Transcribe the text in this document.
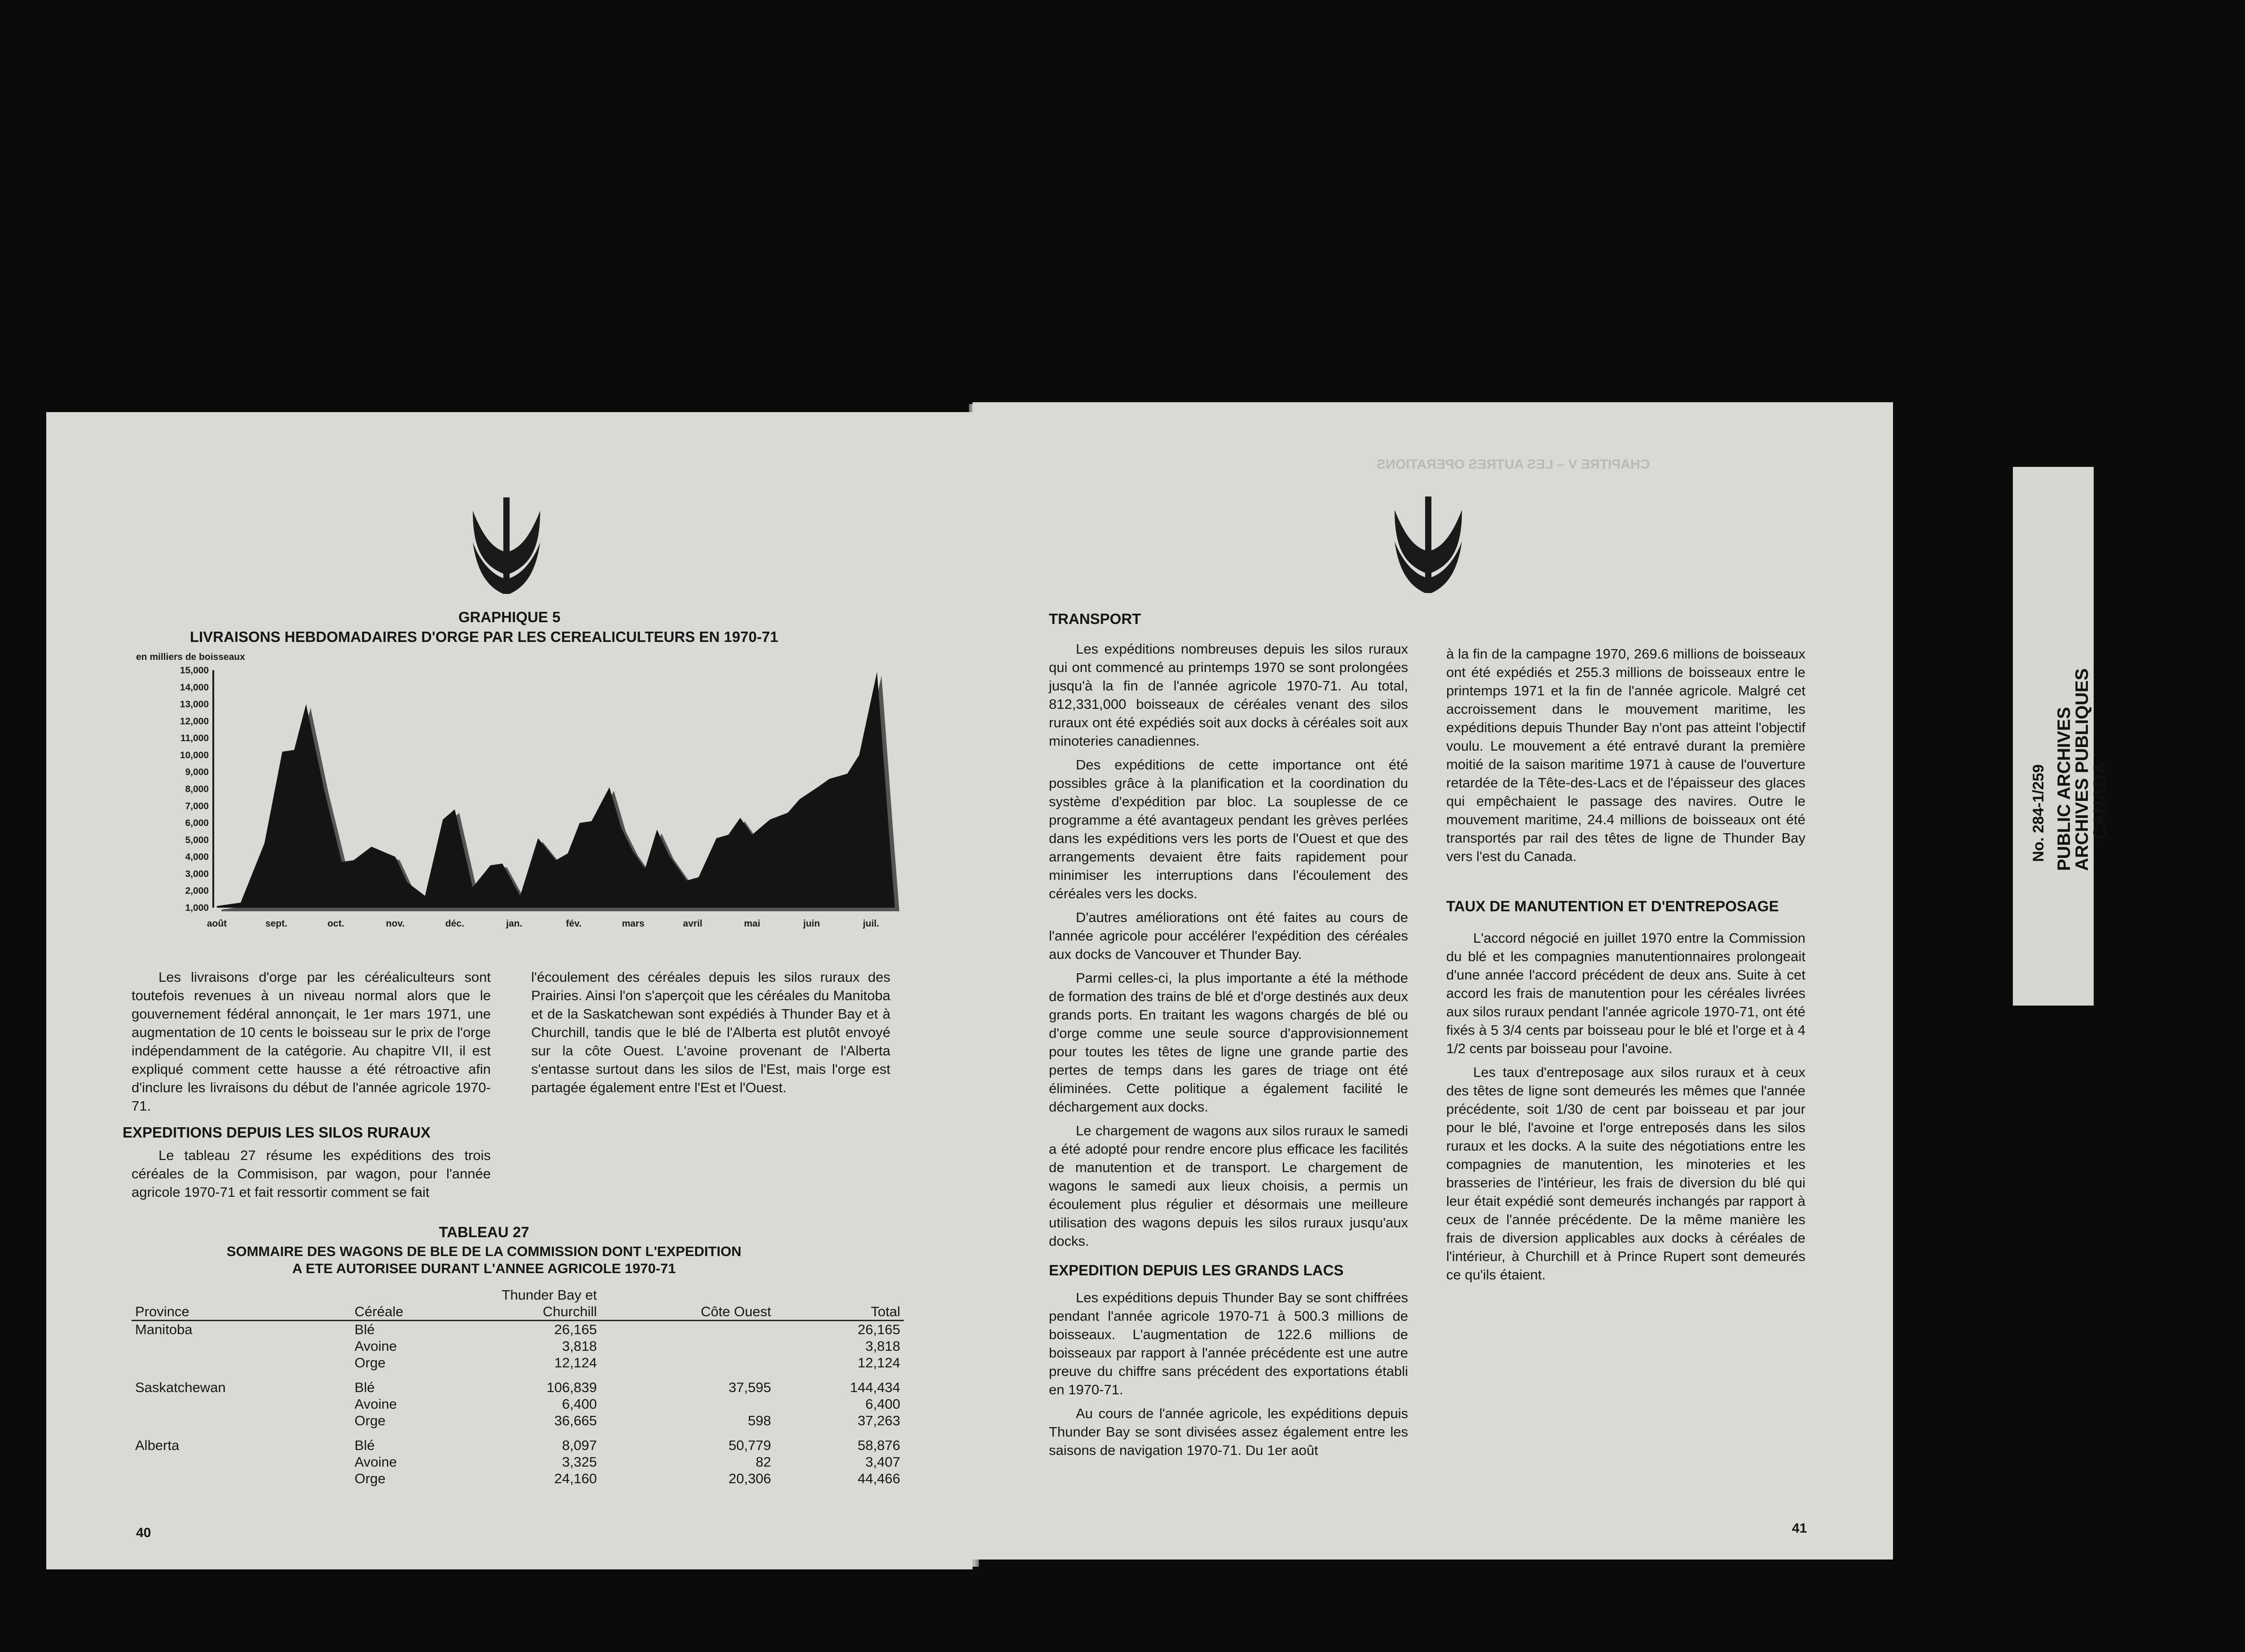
GRAPHIQUE 5
LIVRAISONS HEBDOMADAIRES D'ORGE PAR LES CEREALICULTEURS EN 1970-71
en milliers de boisseaux
15,000
14,000
13,000
12,000
11,000
10,000
9,000
8,000
7,000
6,000
5,000
4,000
3,000
2,000
1,000
août	sept.	oct.	nov.	déc.	jan.	fév.	mars	avril	mai	juin	juil.

Les livraisons d'orge par les céréaliculteurs sont toutefois revenues à un niveau normal alors que le gouvernement fédéral annonçait, le 1er mars 1971, une augmentation de 10 cents le boisseau sur le prix de l'orge indépendamment de la catégorie. Au chapitre VII, il est expliqué comment cette hausse a été rétroactive afin d'inclure les livraisons du début de l'année agricole 1970-71.

EXPEDITIONS DEPUIS LES SILOS RURAUX

Le tableau 27 résume les expéditions des trois céréales de la Commisison, par wagon, pour l'année agricole 1970-71 et fait ressortir comment se fait

l'écoulement des céréales depuis les silos ruraux des Prairies. Ainsi l'on s'aperçoit que les céréales du Manitoba et de la Saskatchewan sont expédiés à Thunder Bay et à Churchill, tandis que le blé de l'Alberta est plutôt envoyé sur la côte Ouest. L'avoine provenant de l'Alberta s'entasse surtout dans les silos de l'Est, mais l'orge est partagée également entre l'Est et l'Ouest.

TABLEAU 27
SOMMAIRE DES WAGONS DE BLE DE LA COMMISSION DONT L'EXPEDITION
A ETE AUTORISEE DURANT L'ANNEE AGRICOLE 1970-71
Province	Céréale	Thunder Bay et Churchill	Côte Ouest	Total
Manitoba	Blé	26,165		26,165
	Avoine	3,818		3,818
	Orge	12,124		12,124
Saskatchewan	Blé	106,839	37,595	144,434
	Avoine	6,400		6,400
	Orge	36,665	598	37,263
Alberta	Blé	8,097	50,779	58,876
	Avoine	3,325	82	3,407
	Orge	24,160	20,306	44,466
40
CHAPITRE V – LES AUTRES OPERATIONS
TRANSPORT

Les expéditions nombreuses depuis les silos ruraux qui ont commencé au printemps 1970 se sont prolongées jusqu'à la fin de l'année agricole 1970-71. Au total, 812,331,000 boisseaux de céréales venant des silos ruraux ont été expédiés soit aux docks à céréales soit aux minoteries canadiennes.

Des expéditions de cette importance ont été possibles grâce à la planification et la coordination du système d'expédition par bloc. La souplesse de ce programme a été avantageux pendant les grèves perlées dans les expéditions vers les ports de l'Ouest et que des arrangements devaient être faits rapidement pour minimiser les interruptions dans l'écoulement des céréales vers les docks.

D'autres améliorations ont été faites au cours de l'année agricole pour accélérer l'expédition des céréales aux docks de Vancouver et Thunder Bay.

Parmi celles-ci, la plus importante a été la méthode de formation des trains de blé et d'orge destinés aux deux grands ports. En traitant les wagons chargés de blé ou d'orge comme une seule source d'approvisionnement pour toutes les têtes de ligne une grande partie des pertes de temps dans les gares de triage ont été éliminées. Cette politique a également facilité le déchargement aux docks.

Le chargement de wagons aux silos ruraux le samedi a été adopté pour rendre encore plus efficace les facilités de manutention et de transport. Le chargement de wagons le samedi aux lieux choisis, a permis un écoulement plus régulier et désormais une meilleure utilisation des wagons depuis les silos ruraux jusqu'aux docks.

EXPEDITION DEPUIS LES GRANDS LACS

Les expéditions depuis Thunder Bay se sont chiffrées pendant l'année agricole 1970-71 à 500.3 millions de boisseaux. L'augmentation de 122.6 millions de boisseaux par rapport à l'année précédente est une autre preuve du chiffre sans précédent des exportations établi en 1970-71.

Au cours de l'année agricole, les expéditions depuis Thunder Bay se sont divisées assez également entre les saisons de navigation 1970-71. Du 1er août

à la fin de la campagne 1970, 269.6 millions de boisseaux ont été expédiés et 255.3 millions de boisseaux entre le printemps 1971 et la fin de l'année agricole. Malgré cet accroissement dans le mouvement maritime, les expéditions depuis Thunder Bay n'ont pas atteint l'objectif voulu. Le mouvement a été entravé durant la première moitié de la saison maritime 1971 à cause de l'ouverture retardée de la Tête-des-Lacs et de l'épaisseur des glaces qui empêchaient le passage des navires. Outre le mouvement maritime, 24.4 millions de boisseaux ont été transportés par rail des têtes de ligne de Thunder Bay vers l'est du Canada.

TAUX DE MANUTENTION ET D'ENTREPOSAGE

L'accord négocié en juillet 1970 entre la Commission du blé et les compagnies manutentionnaires prolongeait d'une année l'accord précédent de deux ans. Suite à cet accord les frais de manutention pour les céréales livrées aux silos ruraux pendant l'année agricole 1970-71, ont été fixés à 5 3/4 cents par boisseau pour le blé et l'orge et à 4 1/2 cents par boisseau pour l'avoine.

Les taux d'entreposage aux silos ruraux et à ceux des têtes de ligne sont demeurés les mêmes que l'année précédente, soit 1/30 de cent par boisseau et par jour pour le blé, l'avoine et l'orge entreposés dans les silos ruraux et les docks. A la suite des négotiations entre les compagnies de manutention, les minoteries et les brasseries de l'intérieur, les frais de diversion du blé qui leur était expédié sont demeurés inchangés par rapport à ceux de l'année précédente. De la même manière les frais de diversion applicables aux docks à céréales de l'intérieur, à Churchill et à Prince Rupert sont demeurés ce qu'ils étaient.

41
No. 284-1/259 PUBLIC ARCHIVES
ARCHIVES PUBLIQUES
CANADA
